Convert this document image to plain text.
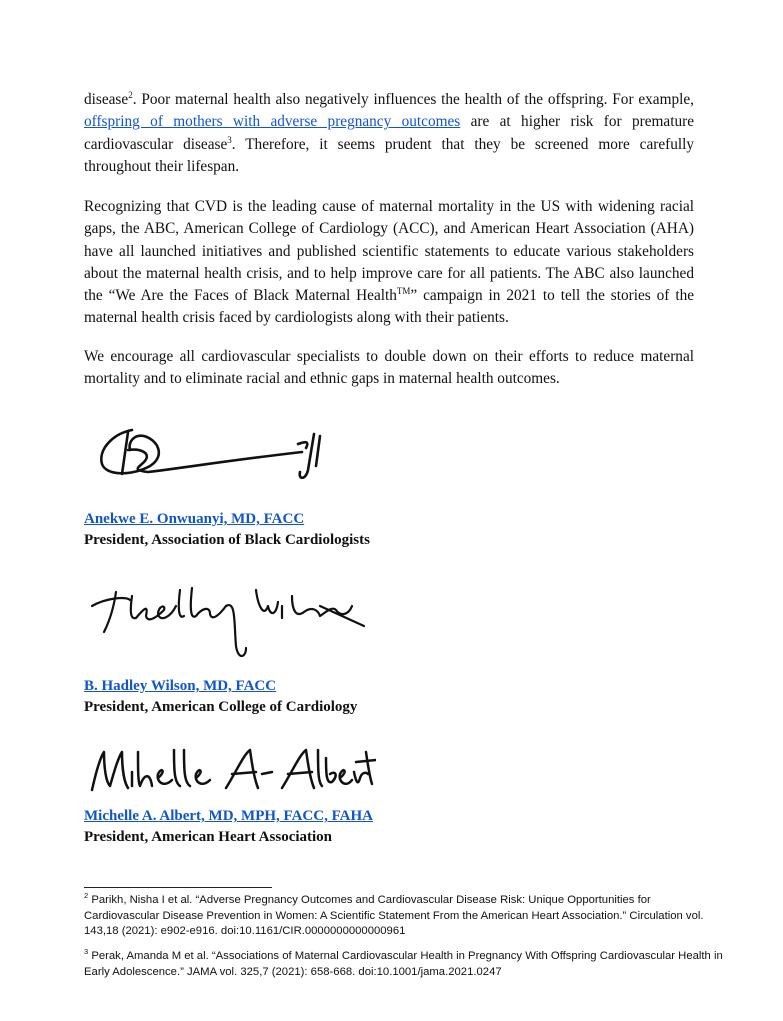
disease$^2$. Poor maternal health also negatively influences the health of the offspring. For example, offspring of mothers with adverse pregnancy outcomes are at higher risk for premature cardiovascular disease$^3$. Therefore, it seems prudent that they be screened more carefully throughout their lifespan.

Recognizing that CVD is the leading cause of maternal mortality in the US with widening racial gaps, the ABC, American College of Cardiology (ACC), and American Heart Association (AHA) have all launched initiatives and published scientific statements to educate various stakeholders about the maternal health crisis, and to help improve care for all patients. The ABC also launched the “We Are the Faces of Black Maternal Health™” campaign in 2021 to tell the stories of the maternal health crisis faced by cardiologists along with their patients.

We encourage all cardiovascular specialists to double down on their efforts to reduce maternal mortality and to eliminate racial and ethnic gaps in maternal health outcomes.

Anekwe E. Onwuanyi, MD, FACC
President, Association of Black Cardiologists
B. Hadley Wilson, MD, FACC
President, American College of Cardiology
Michelle A. Albert, MD, MPH, FACC, FAHA
President, American Heart Association

$^2$ Parikh, Nisha I et al. “Adverse Pregnancy Outcomes and Cardiovascular Disease Risk: Unique Opportunities for Cardiovascular Disease Prevention in Women: A Scientific Statement From the American Heart Association.” Circulation vol. 143,18 (2021): e902-e916. doi:10.1161/CIR.0000000000000961

$^3$ Perak, Amanda M et al. “Associations of Maternal Cardiovascular Health in Pregnancy With Offspring Cardiovascular Health in Early Adolescence.” JAMA vol. 325,7 (2021): 658-668. doi:10.1001/jama.2021.0247
